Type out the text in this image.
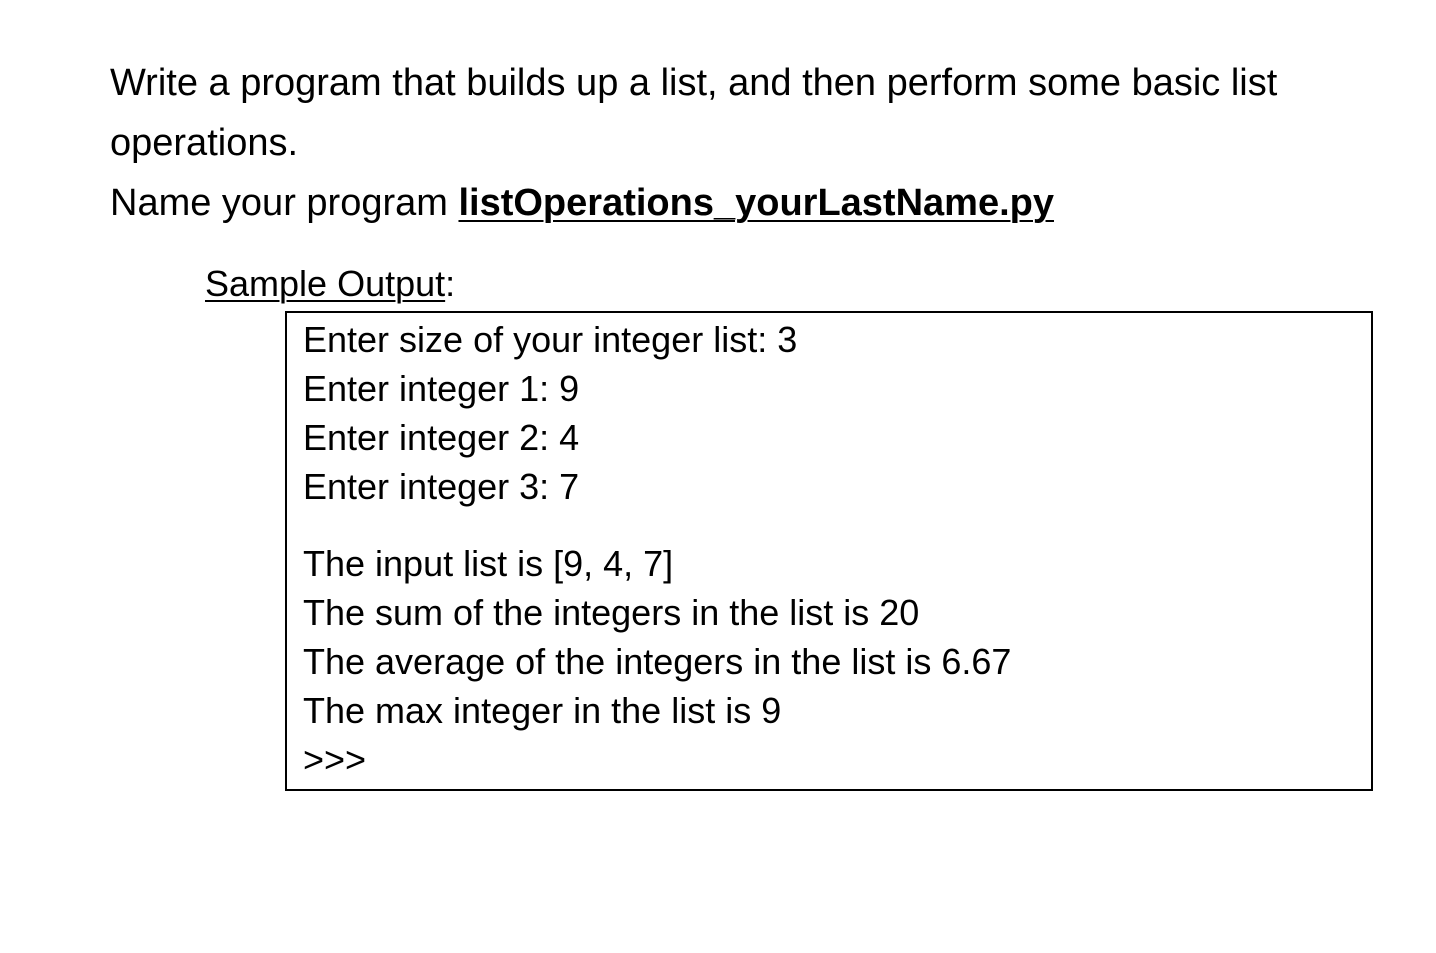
Write a program that builds up a list, and then perform some basic list operations.

Name your program listOperations_yourLastName.py

Sample Output:
Enter size of your integer list: 3
Enter integer 1: 9
Enter integer 2: 4
Enter integer 3: 7
The input list is [9, 4, 7]
The sum of the integers in the list is 20
The average of the integers in the list is 6.67
The max integer in the list is 9
>>>
